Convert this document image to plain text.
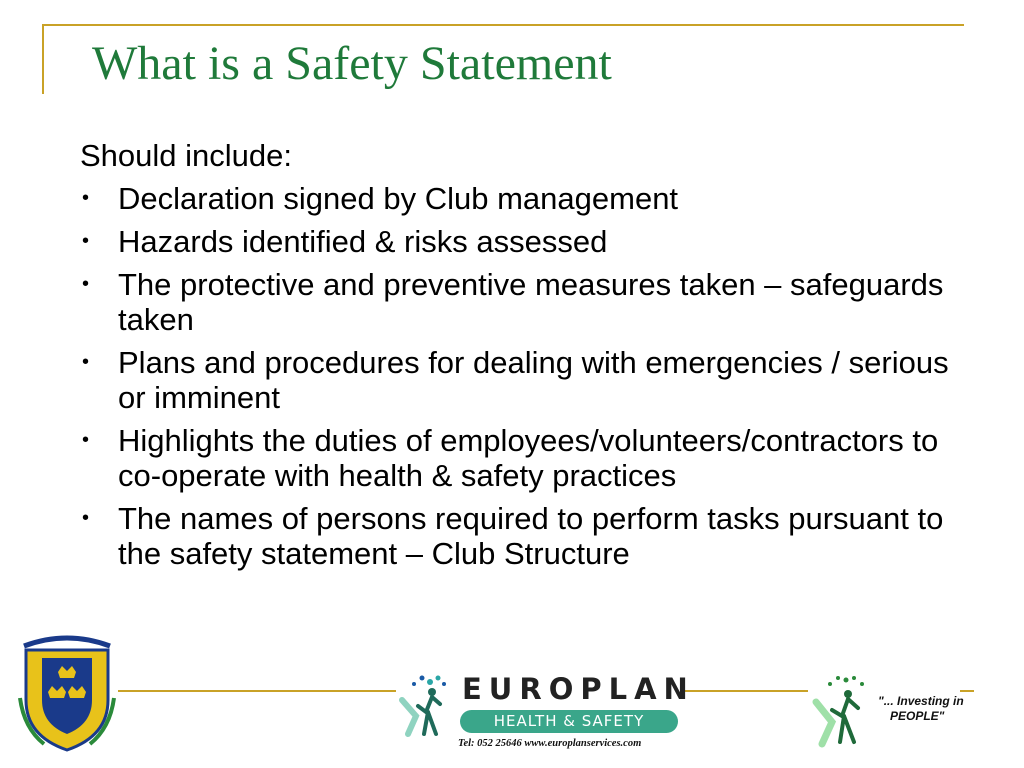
What is a Safety Statement
Should include:
• Declaration signed by Club management
• Hazards identified & risks assessed
• The protective and preventive measures taken – safeguards taken
• Plans and procedures for dealing with emergencies / serious or imminent
• Highlights the duties of employees/volunteers/contractors to co-operate with health & safety practices
• The names of persons required to perform tasks pursuant to the safety statement – Club Structure
EUROPLAN
HEALTH & SAFETY
Tel: 052 25646 www.europlanservices.com
"... Investing in
PEOPLE"
